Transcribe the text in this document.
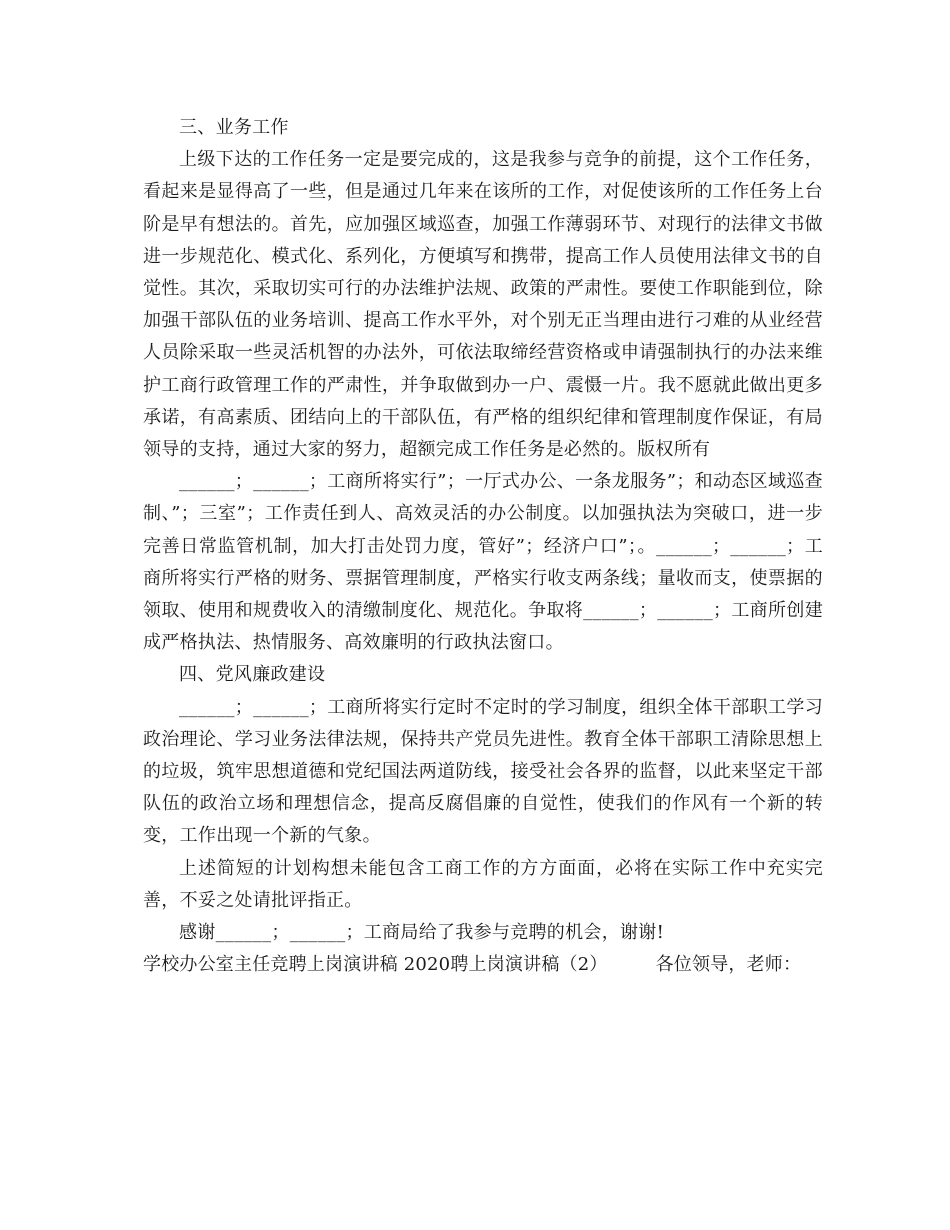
三、业务工作

上级下达的工作任务一定是要完成的，这是我参与竞争的前提，这个工作任务，看起来是显得高了一些，但是通过几年来在该所的工作，对促使该所的工作任务上台阶是早有想法的。首先，应加强区域巡查，加强工作薄弱环节、对现行的法律文书做进一步规范化、模式化、系列化，方便填写和携带，提高工作人员使用法律文书的自觉性。其次，采取切实可行的办法维护法规、政策的严肃性。要使工作职能到位，除加强干部队伍的业务培训、提高工作水平外，对个别无正当理由进行刁难的从业经营人员除采取一些灵活机智的办法外，可依法取缔经营资格或申请强制执行的办法来维护工商行政管理工作的严肃性，并争取做到办一户、震慑一片。我不愿就此做出更多承诺，有高素质、团结向上的干部队伍，有严格的组织纪律和管理制度作保证，有局领导的支持，通过大家的努力，超额完成工作任务是必然的。版权所有

______；______；工商所将实行”；一厅式办公、一条龙服务”；和动态区域巡查制、”；三室”；工作责任到人、高效灵活的办公制度。以加强执法为突破口，进一步完善日常监管机制，加大打击处罚力度，管好”；经济户口”；。______；______；工商所将实行严格的财务、票据管理制度，严格实行收支两条线；量收而支，使票据的领取、使用和规费收入的清缴制度化、规范化。争取将______；______；工商所创建成严格执法、热情服务、高效廉明的行政执法窗口。

四、党风廉政建设

______；______；工商所将实行定时不定时的学习制度，组织全体干部职工学习政治理论、学习业务法律法规，保持共产党员先进性。教育全体干部职工清除思想上的垃圾，筑牢思想道德和党纪国法两道防线，接受社会各界的监督，以此来坚定干部队伍的政治立场和理想信念，提高反腐倡廉的自觉性，使我们的作风有一个新的转变，工作出现一个新的气象。

上述简短的计划构想未能包含工商工作的方方面面，必将在实际工作中充实完善，不妥之处请批评指正。

感谢______；______；工商局给了我参与竞聘的机会，谢谢!

学校办公室主任竞聘上岗演讲稿 2020聘上岗演讲稿（2）	各位领导，老师：
